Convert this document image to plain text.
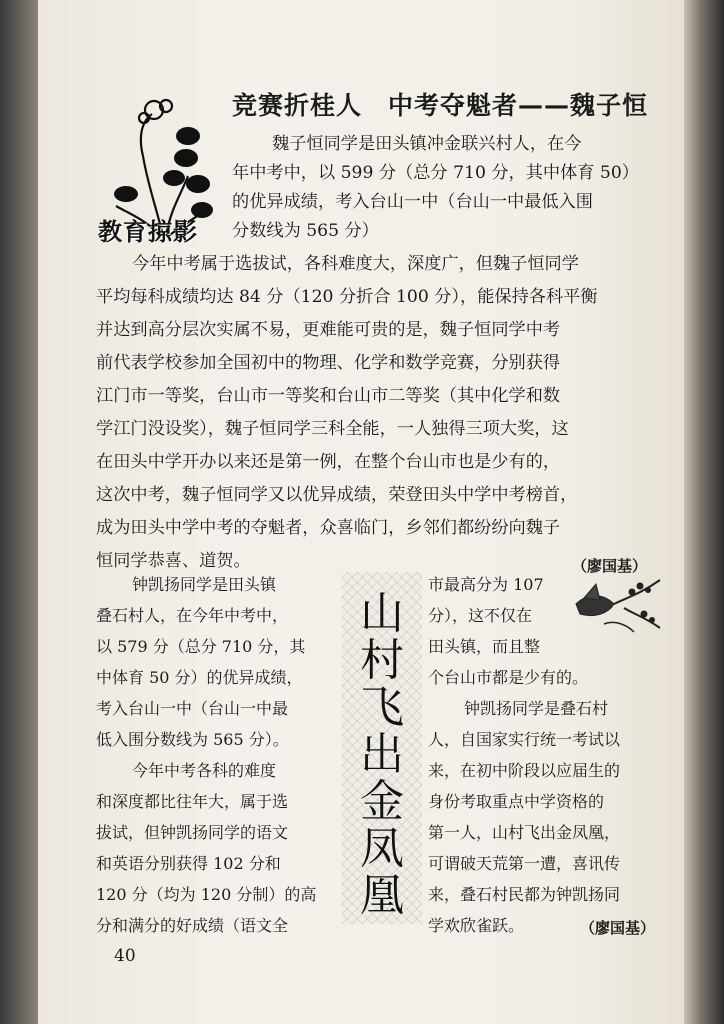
竞赛折桂人　中考夺魁者——魏子恒
教育掠影
魏子恒同学是田头镇冲金联兴村人，在今
年中考中，以 599 分（总分 710 分，其中体育 50）
的优异成绩，考入台山一中（台山一中最低入围
分数线为 565 分）
今年中考属于选拔试，各科难度大，深度广，但魏子恒同学
平均每科成绩均达 84 分（120 分折合 100 分），能保持各科平衡
并达到高分层次实属不易，更难能可贵的是，魏子恒同学中考
前代表学校参加全国初中的物理、化学和数学竞赛，分别获得
江门市一等奖，台山市一等奖和台山市二等奖（其中化学和数
学江门没设奖），魏子恒同学三科全能，一人独得三项大奖，这
在田头中学开办以来还是第一例，在整个台山市也是少有的，
这次中考，魏子恒同学又以优异成绩，荣登田头中学中考榜首，
成为田头中学中考的夺魁者，众喜临门，乡邻们都纷纷向魏子
恒同学恭喜、道贺。	（廖国基）
钟凯扬同学是田头镇
叠石村人，在今年中考中，
以 579 分（总分 710 分，其
中体育 50 分）的优异成绩，
考入台山一中（台山一中最
低入围分数线为 565 分）。
今年中考各科的难度
和深度都比往年大，属于选
拔试，但钟凯扬同学的语文
和英语分别获得 102 分和
120 分（均为 120 分制）的高
分和满分的好成绩（语文全
山
村
飞
出
金
凤
凰
市最高分为 107
分），这不仅在
田头镇，而且整
个台山市都是少有的。
钟凯扬同学是叠石村
人，自国家实行统一考试以
来，在初中阶段以应届生的
身份考取重点中学资格的
第一人，山村飞出金凤凰，
可谓破天荒第一遭，喜讯传
来，叠石村民都为钟凯扬同
学欢欣雀跃。	（廖国基）
40
